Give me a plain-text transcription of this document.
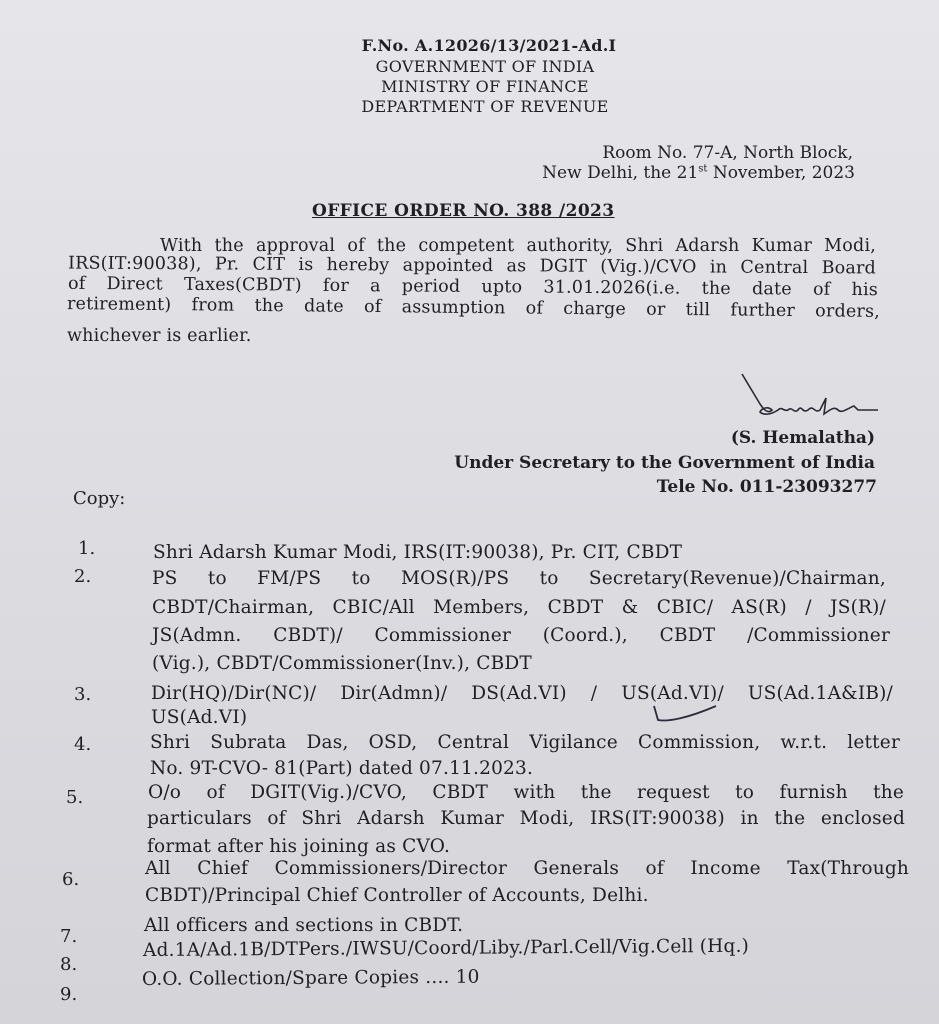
F.No. A.12026/13/2021-Ad.I
GOVERNMENT OF INDIA
MINISTRY OF FINANCE
DEPARTMENT OF REVENUE
Room No. 77-A, North Block,
New Delhi, the 21st November, 2023
OFFICE ORDER NO. 388 /2023
With the approval of the competent authority, Shri Adarsh Kumar Modi,
IRS(IT:90038), Pr. CIT is hereby appointed as DGIT (Vig.)/CVO in Central Board
of Direct Taxes(CBDT) for a period upto 31.01.2026(i.e. the date of his
retirement) from the date of assumption of charge or till further orders,
whichever is earlier.
(S. Hemalatha)
Under Secretary to the Government of India
Tele No. 011-23093277
Copy:
1.	Shri Adarsh Kumar Modi, IRS(IT:90038), Pr. CIT, CBDT
2.	PS to FM/PS to MOS(R)/PS to Secretary(Revenue)/Chairman,
CBDT/Chairman, CBIC/All Members, CBDT & CBIC/ AS(R) / JS(R)/
JS(Admn. CBDT)/ Commissioner (Coord.), CBDT /Commissioner
(Vig.), CBDT/Commissioner(Inv.), CBDT
3.	Dir(HQ)/Dir(NC)/ Dir(Admn)/ DS(Ad.VI) / US(Ad.VI)/ US(Ad.1A&IB)/
US(Ad.VI)
4.	Shri Subrata Das, OSD, Central Vigilance Commission, w.r.t. letter
No. 9T-CVO- 81(Part) dated 07.11.2023.
5.	O/o of DGIT(Vig.)/CVO, CBDT with the request to furnish the
particulars of Shri Adarsh Kumar Modi, IRS(IT:90038) in the enclosed
format after his joining as CVO.
6.
All Chief Commissioners/Director Generals of Income Tax(Through
CBDT)/Principal Chief Controller of Accounts, Delhi.
7.
All officers and sections in CBDT.
8.
Ad.1A/Ad.1B/DTPers./IWSU/Coord/Liby./Parl.Cell/Vig.Cell (Hq.)
9.
O.O. Collection/Spare Copies .... 10
